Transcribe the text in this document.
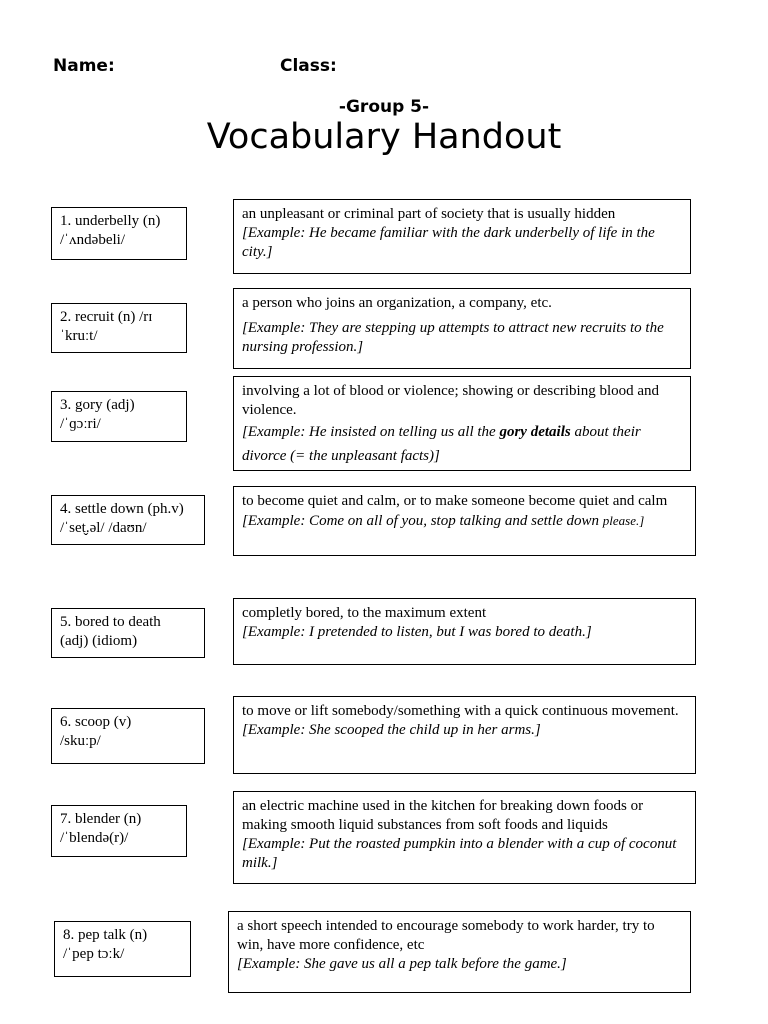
Name:	Class:
-Group 5-
Vocabulary Handout
1. underbelly (n)
/ˈʌndəbeli/
an unpleasant or criminal part of society that is usually hidden
[Example: He became familiar with the dark underbelly of life in the city.]
2. recruit (n) /rɪ
ˈkruːt/
a person who joins an organization, a company, etc.
[Example: They are stepping up attempts to attract new recruits to the nursing profession.]
3. gory (adj)
/ˈɡɔːri/
involving a lot of blood or violence; showing or describing blood and violence.
[Example: He insisted on telling us all the gory details about their divorce (= the unpleasant facts)]
4. settle down (ph.v)
/ˈset̬.əl/ /daʊn/
to become quiet and calm, or to make someone become quiet and calm
[Example: Come on all of you, stop talking and settle down please.]
5. bored to death
(adj) (idiom)
completly bored, to the maximum extent
[Example: I pretended to listen, but I was bored to death.]
6. scoop (v)
/skuːp/
to move or lift somebody/something with a quick continuous movement.
[Example: She scooped the child up in her arms.]
7. blender (n)
/ˈblendə(r)/
an electric machine used in the kitchen for breaking down foods or making smooth liquid substances from soft foods and liquids
[Example: Put the roasted pumpkin into a blender with a cup of coconut milk.]
8. pep talk (n)
/ˈpep tɔːk/
a short speech intended to encourage somebody to work harder, try to win, have more confidence, etc
[Example: She gave us all a pep talk before the game.]
